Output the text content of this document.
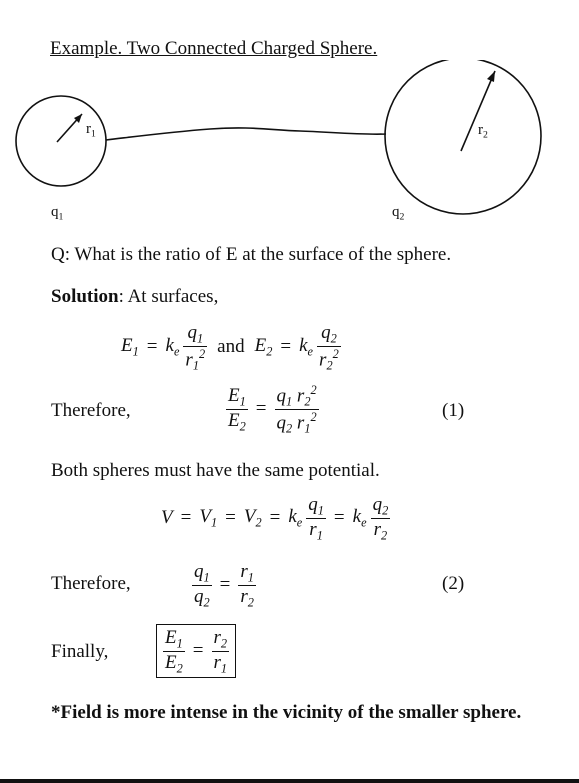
Example. Two Connected Charged Sphere.
$r_1$	$r_2$
$q_1$	$q_2$
Q: What is the ratio of E at the surface of the sphere.
Solution: At surfaces,
$E_1 = k_e \frac{q_1}{r_1^2}$ and $E_2 = k_e \frac{q_2}{r_2^2}$
Therefore,	$\frac{E_1}{E_2} = \frac{q_1 r_2^2}{q_2 r_1^2}$	(1)
Both spheres must have the same potential.
$V = V_1 = V_2 = k_e \frac{q_1}{r_1} = k_e \frac{q_2}{r_2}$
Therefore,	$\frac{q_1}{q_2} = \frac{r_1}{r_2}$	(2)
Finally,	$\frac{E_1}{E_2} = \frac{r_2}{r_1}$
*Field is more intense in the vicinity of the smaller sphere.
